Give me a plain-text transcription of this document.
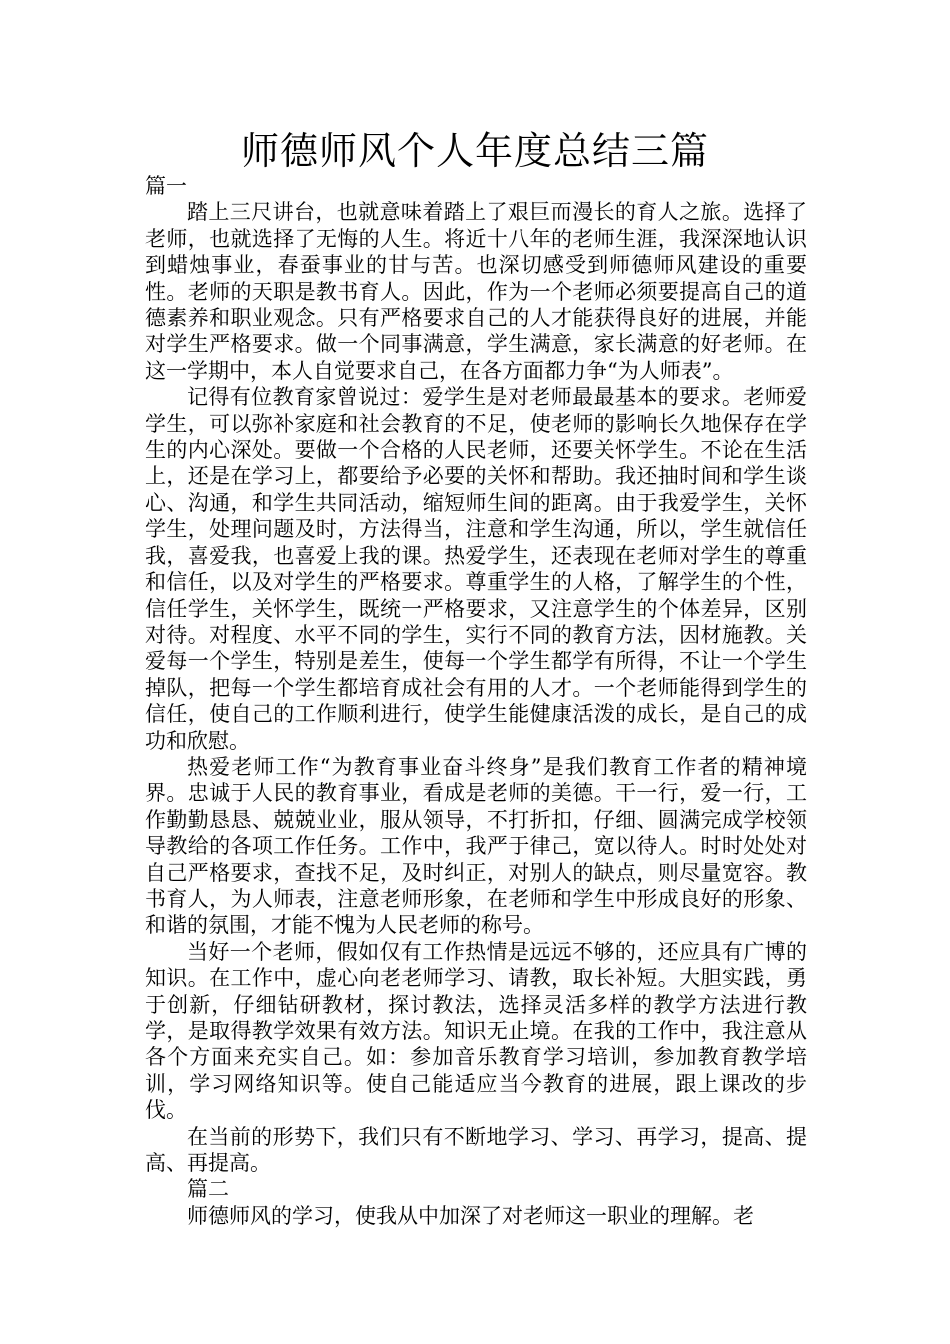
师德师风个人年度总结三篇

篇一

踏上三尺讲台，也就意味着踏上了艰巨而漫长的育人之旅。选择了老师，也就选择了无悔的人生。将近十八年的老师生涯，我深深地认识到蜡烛事业，春蚕事业的甘与苦。也深切感受到师德师风建设的重要性。老师的天职是教书育人。因此，作为一个老师必须要提高自己的道德素养和职业观念。只有严格要求自己的人才能获得良好的进展，并能对学生严格要求。做一个同事满意，学生满意，家长满意的好老师。在这一学期中，本人自觉要求自己，在各方面都力争“为人师表”。

记得有位教育家曾说过：爱学生是对老师最最基本的要求。老师爱学生，可以弥补家庭和社会教育的不足，使老师的影响长久地保存在学生的内心深处。要做一个合格的人民老师，还要关怀学生。不论在生活上，还是在学习上，都要给予必要的关怀和帮助。我还抽时间和学生谈心、沟通，和学生共同活动，缩短师生间的距离。由于我爱学生，关怀学生，处理问题及时，方法得当，注意和学生沟通，所以，学生就信任我，喜爱我，也喜爱上我的课。热爱学生，还表现在老师对学生的尊重和信任，以及对学生的严格要求。尊重学生的人格，了解学生的个性，信任学生，关怀学生，既统一严格要求，又注意学生的个体差异，区别对待。对程度、水平不同的学生，实行不同的教育方法，因材施教。关爱每一个学生，特别是差生，使每一个学生都学有所得，不让一个学生掉队，把每一个学生都培育成社会有用的人才。一个老师能得到学生的信任，使自己的工作顺利进行，使学生能健康活泼的成长，是自己的成功和欣慰。

热爱老师工作“为教育事业奋斗终身”是我们教育工作者的精神境界。忠诚于人民的教育事业，看成是老师的美德。干一行，爱一行，工作勤勤恳恳、兢兢业业，服从领导，不打折扣，仔细、圆满完成学校领导教给的各项工作任务。工作中，我严于律己，宽以待人。时时处处对自己严格要求，查找不足，及时纠正，对别人的缺点，则尽量宽容。教书育人，为人师表，注意老师形象，在老师和学生中形成良好的形象、和谐的氛围，才能不愧为人民老师的称号。

当好一个老师，假如仅有工作热情是远远不够的，还应具有广博的知识。在工作中，虚心向老老师学习、请教，取长补短。大胆实践，勇于创新，仔细钻研教材，探讨教法，选择灵活多样的教学方法进行教学，是取得教学效果有效方法。知识无止境。在我的工作中，我注意从各个方面来充实自己。如：参加音乐教育学习培训，参加教育教学培训，学习网络知识等。使自己能适应当今教育的进展，跟上课改的步伐。

在当前的形势下，我们只有不断地学习、学习、再学习，提高、提高、再提高。

篇二

师德师风的学习，使我从中加深了对老师这一职业的理解。老
